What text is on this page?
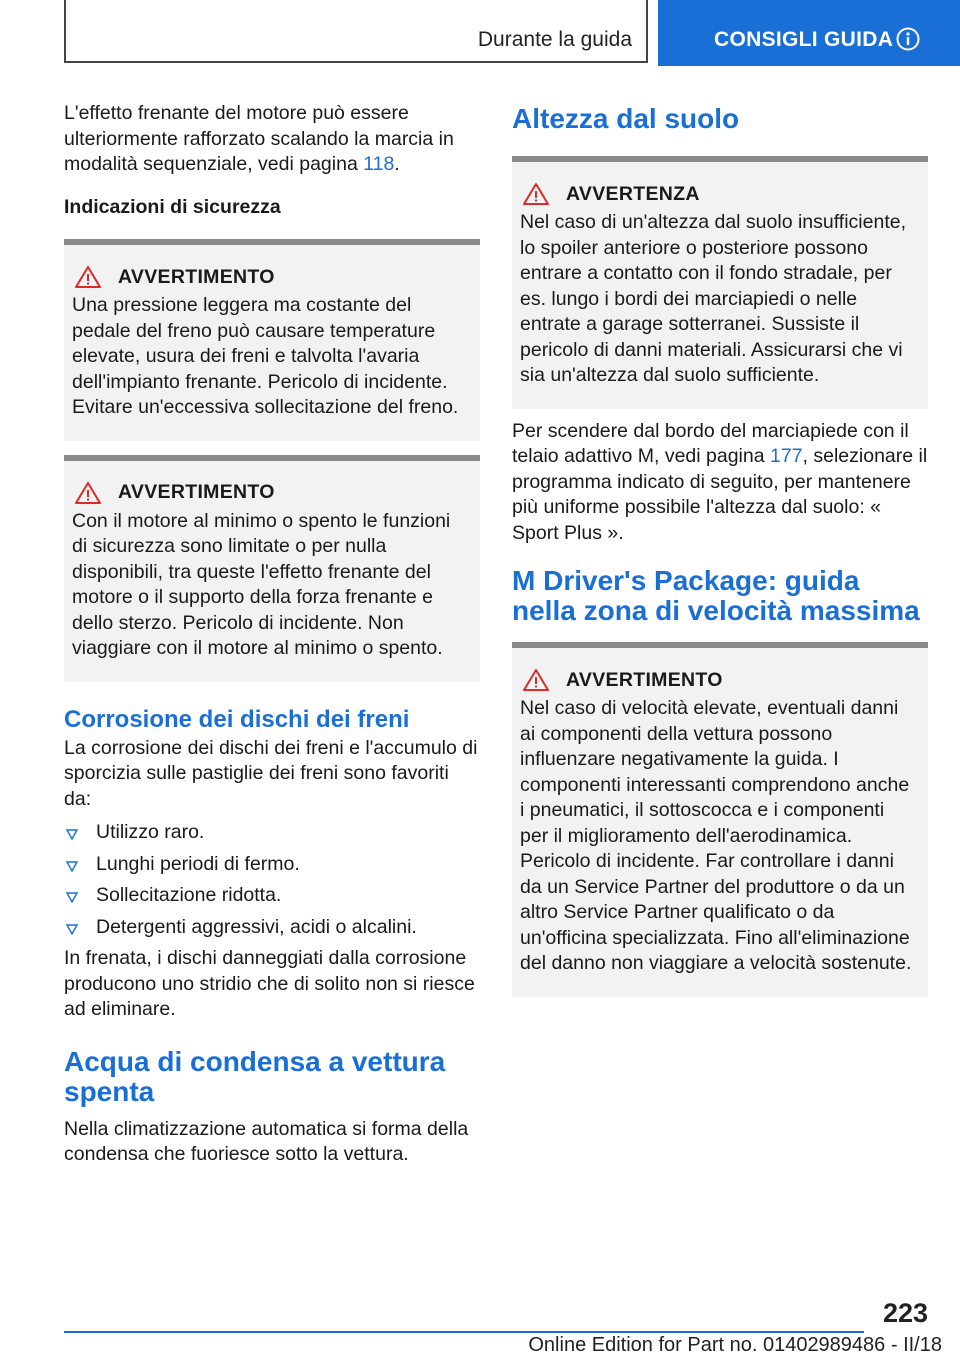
Durante la guida	CONSIGLI GUIDA

L'effetto frenante del motore può essere ulteriormente rafforzato scalando la marcia in modalità sequenziale, vedi pagina 118.

Indicazioni di sicurezza

AVVERTIMENTO

Una pressione leggera ma costante del pedale del freno può causare temperature elevate, usura dei freni e talvolta l'avaria dell'impianto frenante. Pericolo di incidente. Evitare un'eccessiva sollecitazione del freno.

AVVERTIMENTO

Con il motore al minimo o spento le funzioni di sicurezza sono limitate o per nulla disponibili, tra queste l'effetto frenante del motore o il supporto della forza frenante e dello sterzo. Pericolo di incidente. Non viaggiare con il motore al minimo o spento.

Corrosione dei dischi dei freni

La corrosione dei dischi dei freni e l'accumulo di sporcizia sulle pastiglie dei freni sono favoriti da:

Utilizzo raro.
Lunghi periodi di fermo.
Sollecitazione ridotta.
Detergenti aggressivi, acidi o alcalini.

In frenata, i dischi danneggiati dalla corrosione producono uno stridio che di solito non si riesce ad eliminare.

Acqua di condensa a vettura spenta

Nella climatizzazione automatica si forma della condensa che fuoriesce sotto la vettura.

Altezza dal suolo
AVVERTENZA

Nel caso di un'altezza dal suolo insufficiente, lo spoiler anteriore o posteriore possono entrare a contatto con il fondo stradale, per es. lungo i bordi dei marciapiedi o nelle entrate a garage sotterranei. Sussiste il pericolo di danni materiali. Assicurarsi che vi sia un'altezza dal suolo sufficiente.

Per scendere dal bordo del marciapiede con il telaio adattivo M, vedi pagina 177, selezionare il programma indicato di seguito, per mantenere più uniforme possibile l'altezza dal suolo: « Sport Plus ».

M Driver's Package: guida nella zona di velocità massima
AVVERTIMENTO

Nel caso di velocità elevate, eventuali danni ai componenti della vettura possono influenzare negativamente la guida. I componenti interessanti comprendono anche i pneumatici, il sottoscocca e i componenti per il miglioramento dell'aerodinamica. Pericolo di incidente. Far controllare i danni da un Service Partner del produttore o da un altro Service Partner qualificato o da un'officina specializzata. Fino all'eliminazione del danno non viaggiare a velocità sostenute.

223
Online Edition for Part no. 01402989486 - II/18
